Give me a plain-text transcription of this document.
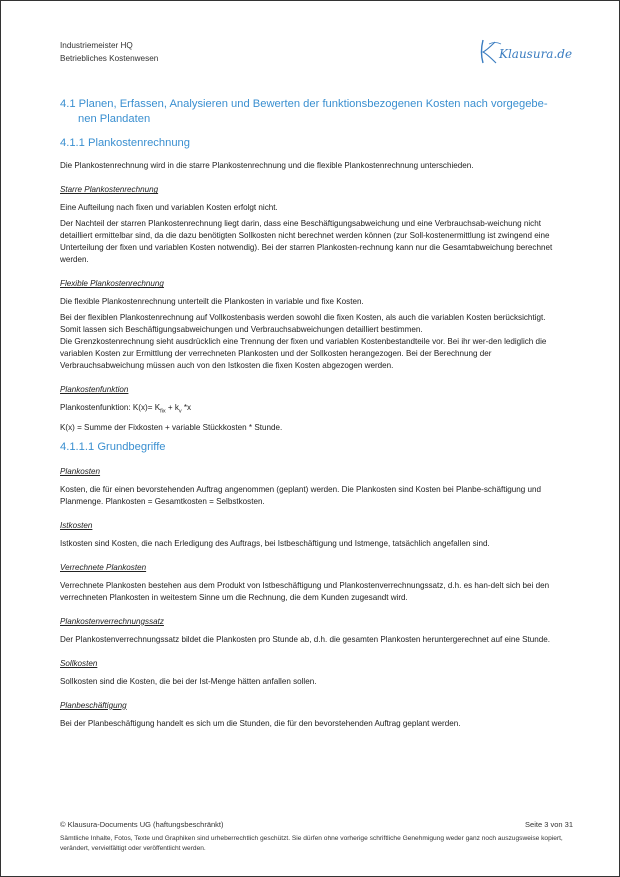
Industriemeister HQ
Betriebliches Kostenwesen	Klausura.de
4.1 Planen, Erfassen, Analysieren und Bewerten der funktionsbezogenen Kosten nach vorgegebe-nen Plandaten
4.1.1 Plankostenrechnung

Die Plankostenrechnung wird in die starre Plankostenrechnung und die flexible Plankostenrechnung unterschieden.

Starre Plankostenrechnung

Eine Aufteilung nach fixen und variablen Kosten erfolgt nicht.

Der Nachteil der starren Plankostenrechnung liegt darin, dass eine Beschäftigungsabweichung und eine Verbrauchsab-weichung nicht detailliert ermittelbar sind, da die dazu benötigten Sollkosten nicht berechnet werden können (zur Soll-kostenermittlung ist zwingend eine Unterteilung der fixen und variablen Kosten notwendig). Bei der starren Plankosten-rechnung kann nur die Gesamtabweichung berechnet werden.

Flexible Plankostenrechnung

Die flexible Plankostenrechnung unterteilt die Plankosten in variable und fixe Kosten.

Bei der flexiblen Plankostenrechnung auf Vollkostenbasis werden sowohl die fixen Kosten, als auch die variablen Kosten berücksichtigt. Somit lassen sich Beschäftigungsabweichungen und Verbrauchsabweichungen detailliert bestimmen.

Die Grenzkostenrechnung sieht ausdrücklich eine Trennung der fixen und variablen Kostenbestandteile vor. Bei ihr wer-den lediglich die variablen Kosten zur Ermittlung der verrechneten Plankosten und der Sollkosten herangezogen. Bei der Berechnung der Verbrauchsabweichung müssen auch von den Istkosten die fixen Kosten abgezogen werden.

Plankostenfunktion

Plankostenfunktion: $K(x)= K_{fix} + k_v$ *x

K(x) = Summe der Fixkosten + variable Stückkosten * Stunde.

4.1.1.1 Grundbegriffe
Plankosten

Kosten, die für einen bevorstehenden Auftrag angenommen (geplant) werden. Die Plankosten sind Kosten bei Planbe-schäftigung und Planmenge. Plankosten = Gesamtkosten = Selbstkosten.

Istkosten

Istkosten sind Kosten, die nach Erledigung des Auftrags, bei Istbeschäftigung und Istmenge, tatsächlich angefallen sind.

Verrechnete Plankosten

Verrechnete Plankosten bestehen aus dem Produkt von Istbeschäftigung und Plankostenverrechnungssatz, d.h. es han-delt sich bei den verrechneten Plankosten in weitestem Sinne um die Rechnung, die dem Kunden zugesandt wird.

Plankostenverrechnungssatz

Der Plankostenverrechnungssatz bildet die Plankosten pro Stunde ab, d.h. die gesamten Plankosten heruntergerechnet auf eine Stunde.

Sollkosten

Sollkosten sind die Kosten, die bei der Ist-Menge hätten anfallen sollen.

Planbeschäftigung

Bei der Planbeschäftigung handelt es sich um die Stunden, die für den bevorstehenden Auftrag geplant werden.

© Klausura-Documents UG (haftungsbeschränkt)	Seite 3 von 31
Sämtliche Inhalte, Fotos, Texte und Graphiken sind urheberrechtlich geschützt. Sie dürfen ohne vorherige schriftliche Genehmigung weder ganz noch auszugsweise kopiert, verändert, vervielfältigt oder veröffentlicht werden.
